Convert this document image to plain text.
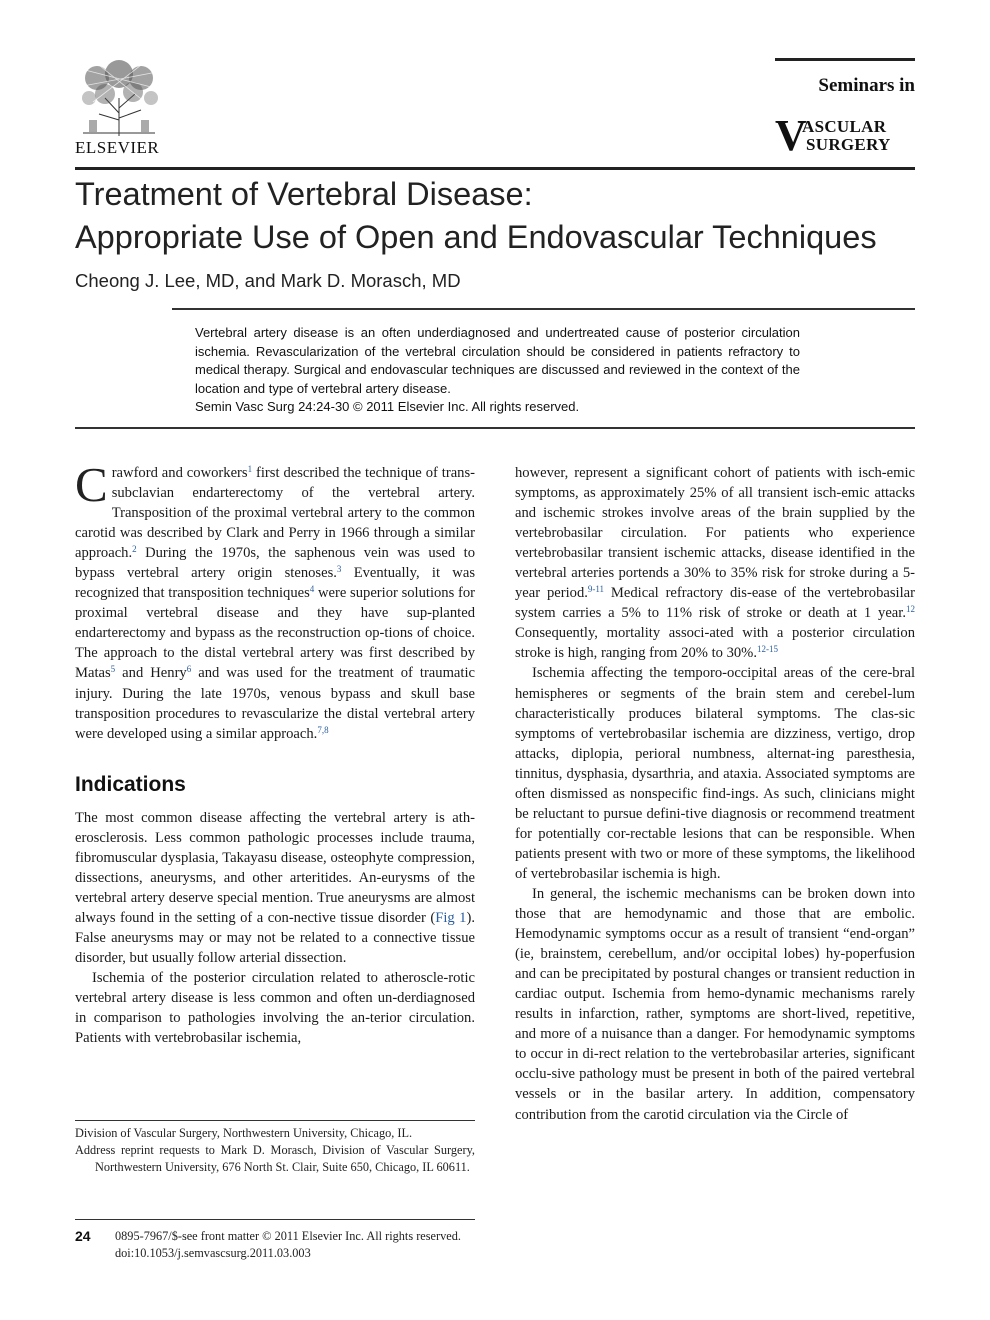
ELSEVIER
Seminars in
V
ASCULAR
SURGERY
Treatment of Vertebral Disease:
Appropriate Use of Open and Endovascular Techniques
Cheong J. Lee, MD, and Mark D. Morasch, MD

Vertebral artery disease is an often underdiagnosed and undertreated cause of posterior circulation ischemia. Revascularization of the vertebral circulation should be considered in patients refractory to medical therapy. Surgical and endovascular techniques are discussed and reviewed in the context of the location and type of vertebral artery disease.

Semin Vasc Surg 24:24-30 © 2011 Elsevier Inc. All rights reserved.

Crawford and coworkers$^1$ first described the technique of trans-subclavian endarterectomy of the vertebral artery. Transposition of the proximal vertebral artery to the common carotid was described by Clark and Perry in 1966 through a similar approach.$^2$ During the 1970s, the saphenous vein was used to bypass vertebral artery origin stenoses.$^3$ Eventually, it was recognized that transposition techniques$^4$ were superior solutions for proximal vertebral disease and they have sup-planted endarterectomy and bypass as the reconstruction op-tions of choice. The approach to the distal vertebral artery was first described by Matas$^5$ and Henry$^6$ and was used for the treatment of traumatic injury. During the late 1970s, venous bypass and skull base transposition procedures to revascularize the distal vertebral artery were developed using a similar approach.$^{7,8}$

Indications

The most common disease affecting the vertebral artery is ath-erosclerosis. Less common pathologic processes include trauma, fibromuscular dysplasia, Takayasu disease, osteophyte compression, dissections, aneurysms, and other arteritides. An-eurysms of the vertebral artery deserve special mention. True aneurysms are almost always found in the setting of a con-nective tissue disorder (Fig 1). False aneurysms may or may not be related to a connective tissue disorder, but usually follow arterial dissection.

Ischemia of the posterior circulation related to atheroscle-rotic vertebral artery disease is less common and often un-derdiagnosed in comparison to pathologies involving the an-terior circulation. Patients with vertebrobasilar ischemia,

however, represent a significant cohort of patients with isch-emic symptoms, as approximately 25% of all transient isch-emic attacks and ischemic strokes involve areas of the brain supplied by the vertebrobasilar circulation. For patients who experience vertebrobasilar transient ischemic attacks, disease identified in the vertebral arteries portends a 30% to 35% risk for stroke during a 5-year period.$^{9-11}$ Medical refractory dis-ease of the vertebrobasilar system carries a 5% to 11% risk of stroke or death at 1 year.$^{12}$ Consequently, mortality associ-ated with a posterior circulation stroke is high, ranging from 20% to 30%.$^{12-15}$

Ischemia affecting the temporo-occipital areas of the cere-bral hemispheres or segments of the brain stem and cerebel-lum characteristically produces bilateral symptoms. The clas-sic symptoms of vertebrobasilar ischemia are dizziness, vertigo, drop attacks, diplopia, perioral numbness, alternat-ing paresthesia, tinnitus, dysphasia, dysarthria, and ataxia. Associated symptoms are often dismissed as nonspecific find-ings. As such, clinicians might be reluctant to pursue defini-tive diagnosis or recommend treatment for potentially cor-rectable lesions that can be responsible. When patients present with two or more of these symptoms, the likelihood of vertebrobasilar ischemia is high.

In general, the ischemic mechanisms can be broken down into those that are hemodynamic and those that are embolic. Hemodynamic symptoms occur as a result of transient “end-organ” (ie, brainstem, cerebellum, and/or occipital lobes) hy-poperfusion and can be precipitated by postural changes or transient reduction in cardiac output. Ischemia from hemo-dynamic mechanisms rarely results in infarction, rather, symptoms are short-lived, repetitive, and more of a nuisance than a danger. For hemodynamic symptoms to occur in di-rect relation to the vertebrobasilar arteries, significant occlu-sive pathology must be present in both of the paired vertebral vessels or in the basilar artery. In addition, compensatory contribution from the carotid circulation via the Circle of

Division of Vascular Surgery, Northwestern University, Chicago, IL.

Address reprint requests to Mark D. Morasch, Division of Vascular Surgery, Northwestern University, 676 North St. Clair, Suite 650, Chicago, IL 60611.

24 0895-7967/$-see front matter © 2011 Elsevier Inc. All rights reserved.
doi:10.1053/j.semvascsurg.2011.03.003
